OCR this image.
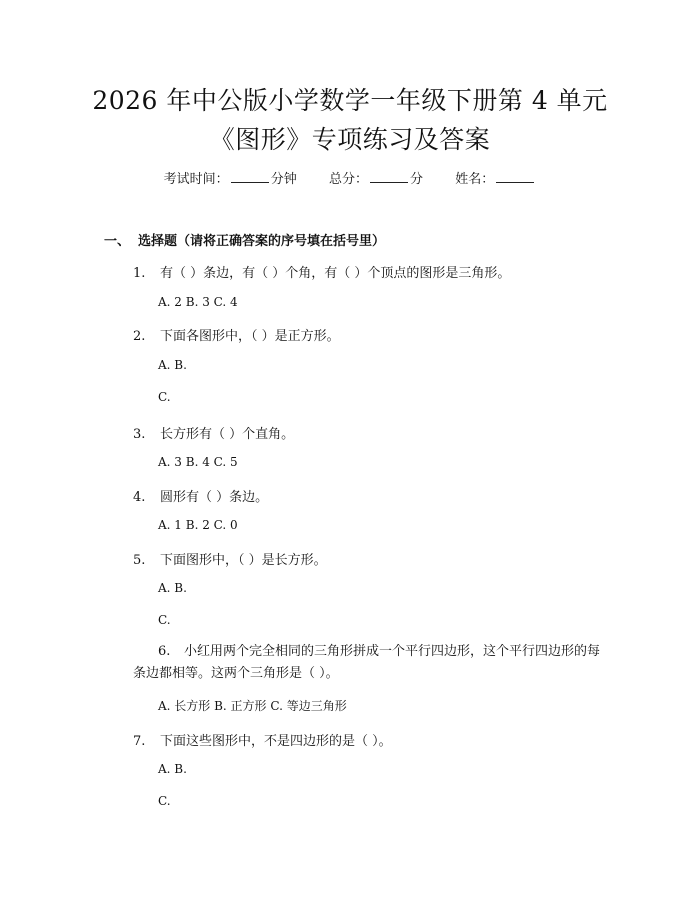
2026 年中公版小学数学一年级下册第 4 单元
《图形》专项练习及答案
考试时间：	分钟 总分：	分 姓名：
一、 选择题（请将正确答案的序号填在括号里）
1. 有（ ）条边，有（ ）个角，有（ ）个顶点的图形是三角形。
A. 2 B. 3 C. 4
2. 下面各图形中，（ ）是正方形。
A. B.
C.
3. 长方形有（ ）个直角。
A. 3 B. 4 C. 5
4. 圆形有（ ）条边。
A. 1 B. 2 C. 0
5. 下面图形中，（ ）是长方形。
A. B.
C.
6. 小红用两个完全相同的三角形拼成一个平行四边形，这个平行四边形的每条边都相等。这两个三角形是（ ）。
A. 长方形 B. 正方形 C. 等边三角形
7. 下面这些图形中，不是四边形的是（ ）。
A. B.
C.
